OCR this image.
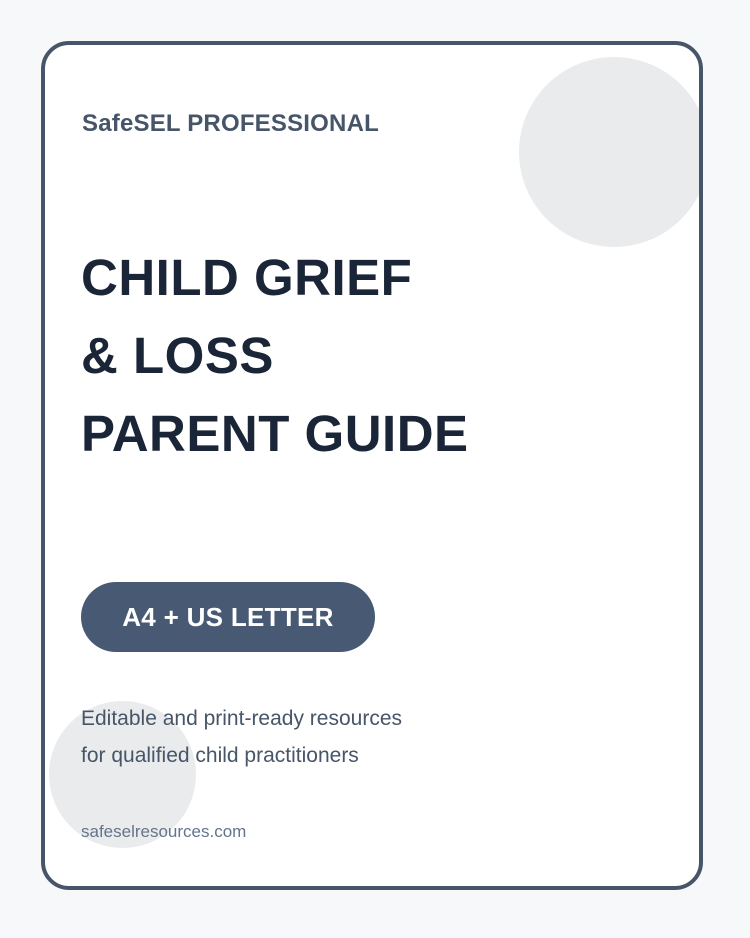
SafeSEL PROFESSIONAL

CHILD GRIEF
& LOSS
PARENT GUIDE
A4 + US LETTER

Editable and print-ready resources
for qualified child practitioners

safeselresources.com
